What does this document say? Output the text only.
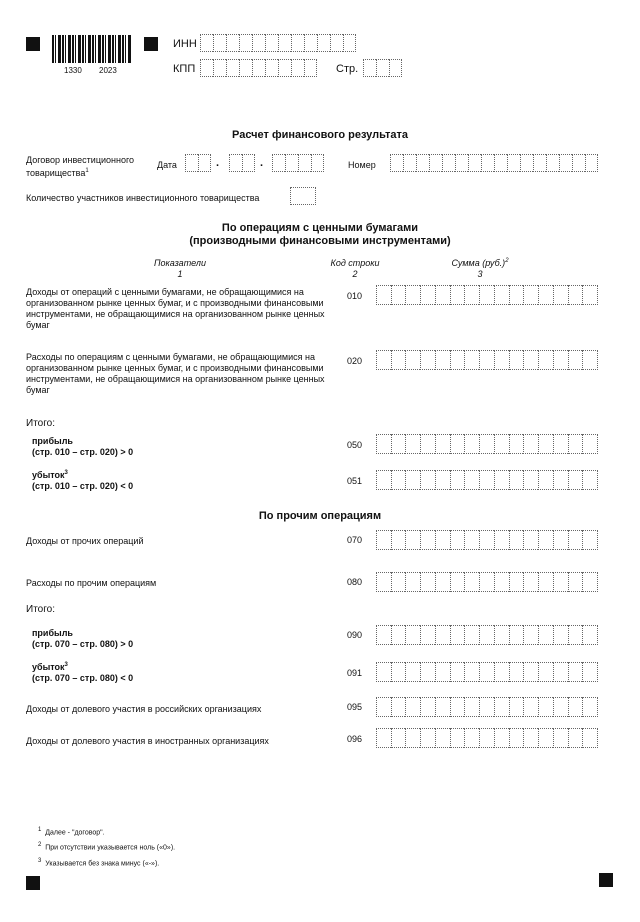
1330 2023
ИНН
КПП	Стр.
Расчет финансового результата
Договор инвестиционного товарищества$^1$
Дата	.	.	Номер
Количество участников инвестиционного товарищества
По операциям с ценными бумагами
(производными финансовыми инструментами)
Показатели
1
Код строки
2
Сумма $(руб.)^2$
3
Доходы от операций с ценными бумагами, не обращающимися на организованном рынке ценных бумаг, и с производными финансовыми инструментами, не обращающимися на организованном рынке ценных бумаг
010
Расходы по операциям с ценными бумагами, не обращающимися на организованном рынке ценных бумаг, и с производными финансовыми инструментами, не обращающимися на организованном рынке ценных бумаг
020
Итого:
прибыль
(стр. 010 – стр. 020) > 0
050
убыток$^3$
(стр. 010 – стр. 020) < 0	051
По прочим операциям
Доходы от прочих операций	070
Расходы по прочим операциям	080
Итого:
прибыль
(стр. 070 – стр. 080) > 0
090
убыток$^3$
(стр. 070 – стр. 080) < 0	091
Доходы от долевого участия в российских организациях	095
Доходы от долевого участия в иностранных организациях	096
1 Далее - "договор".
2 При отсутствии указывается ноль («0»).
3 Указывается без знака минус («-»).
